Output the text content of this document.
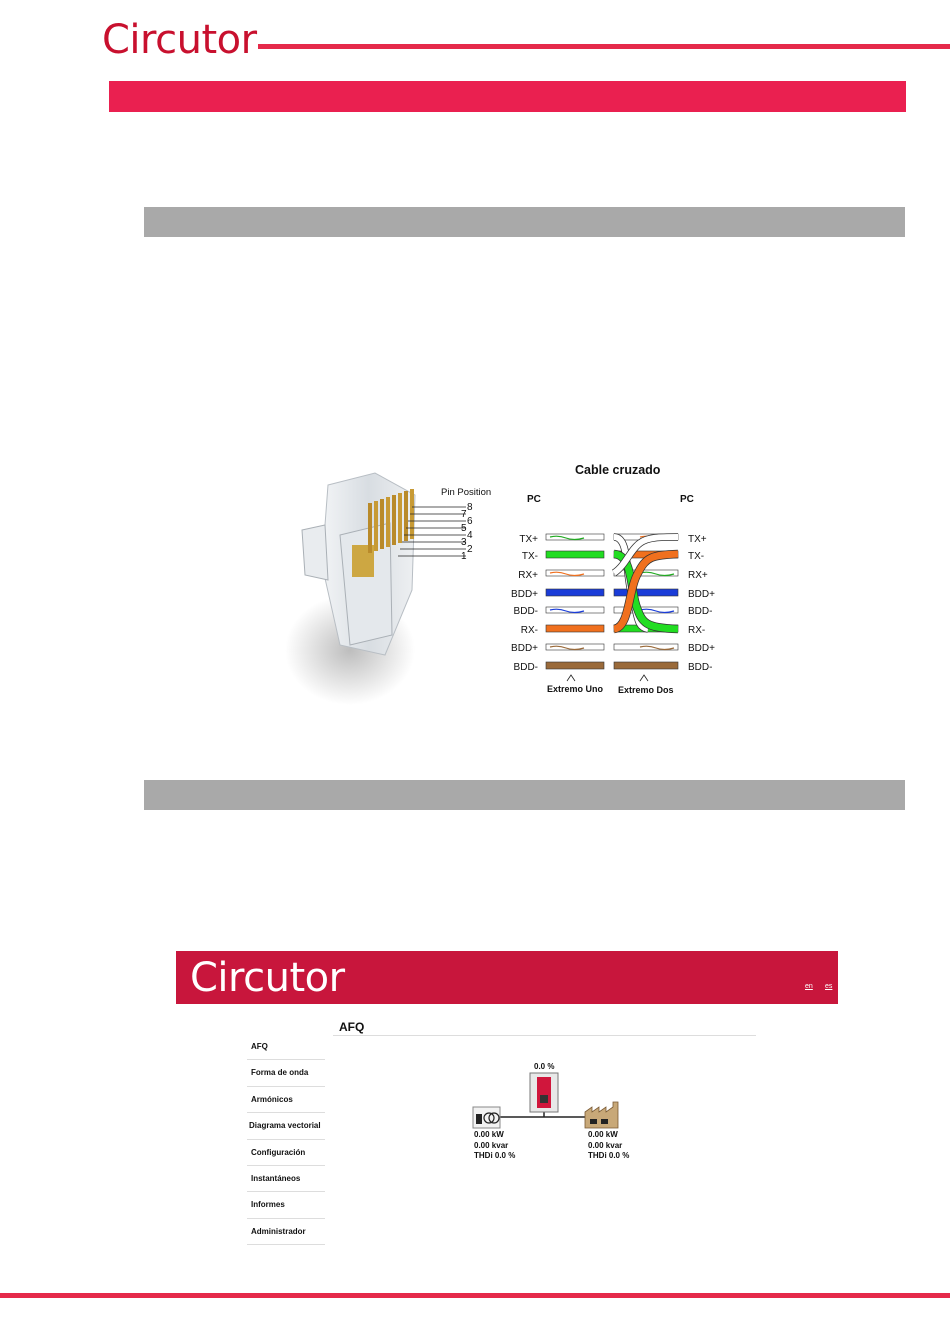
Circutor
Pin Position
8
7
6
5
4
3
2
1
Cable cruzado
PC	PC
TX+
TX-
RX+
BDD+
BDD-
RX-
BDD+
BDD-
TX+
TX-
RX+
BDD+
BDD-
RX-
BDD+
BDD-
Extremo Uno Extremo Dos
Circutor	en es
AFQ
AFQ
Forma de onda
Armónicos
Diagrama vectorial
Configuración
Instantáneos
Informes
Administrador
0.0 %
0.00 kW
0.00 kvar
THDi 0.0 %
0.00 kW
0.00 kvar
THDi 0.0 %
